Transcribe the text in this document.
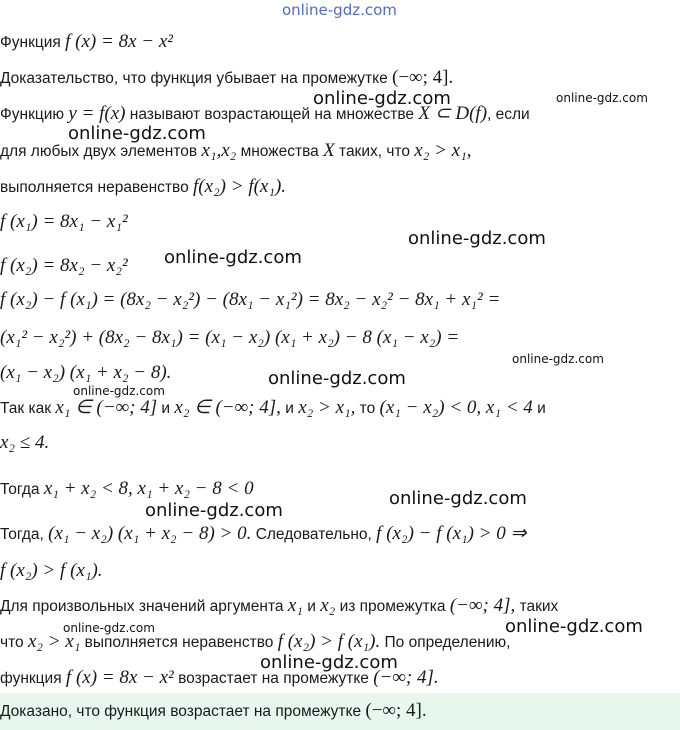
online-gdz.com
Функция f (x) = 8x − x²
Доказательство, что функция убывает на промежутке (−∞; 4].
Функцию y = f(x) называют возрастающей на множестве X ⊂ D(f), если
для любых двух элементов x₁,x₂ множества X таких, что x₂ > x₁,
выполняется неравенство f(x₂) > f(x₁).
f (x₁) = 8x₁ − x₁²
f (x₂) = 8x₂ − x₂²
f (x₂) − f (x₁) = (8x₂ − x₂²) − (8x₁ − x₁²) = 8x₂ − x₂² − 8x₁ + x₁² =
(x₁² − x₂²) + (8x₂ − 8x₁) = (x₁ − x₂) (x₁ + x₂) − 8 (x₁ − x₂) =
(x₁ − x₂) (x₁ + x₂ − 8).
Так как x₁ ∈ (−∞; 4] и x₂ ∈ (−∞; 4], и x₂ > x₁, то (x₁ − x₂) < 0, x₁ < 4 и
x₂ ≤ 4.
Тогда x₁ + x₂ < 8, x₁ + x₂ − 8 < 0
Тогда, (x₁ − x₂) (x₁ + x₂ − 8) > 0. Следовательно, f (x₂) − f (x₁) > 0 ⇒
f (x₂) > f (x₁).
Для произвольных значений аргумента x₁ и x₂ из промежутка (−∞; 4], таких
что x₂ > x₁ выполняется неравенство f (x₂) > f (x₁). По определению,
функция f (x) = 8x − x² возрастает на промежутке (−∞; 4].
Доказано, что функция возрастает на промежутке (−∞; 4].
online-gdz.com	online-gdz.com
online-gdz.com
online-gdz.com
online-gdz.com
online-gdz.com
online-gdz.com
online-gdz.com
online-gdz.com
online-gdz.com
online-gdz.com	online-gdz.com
online-gdz.com
